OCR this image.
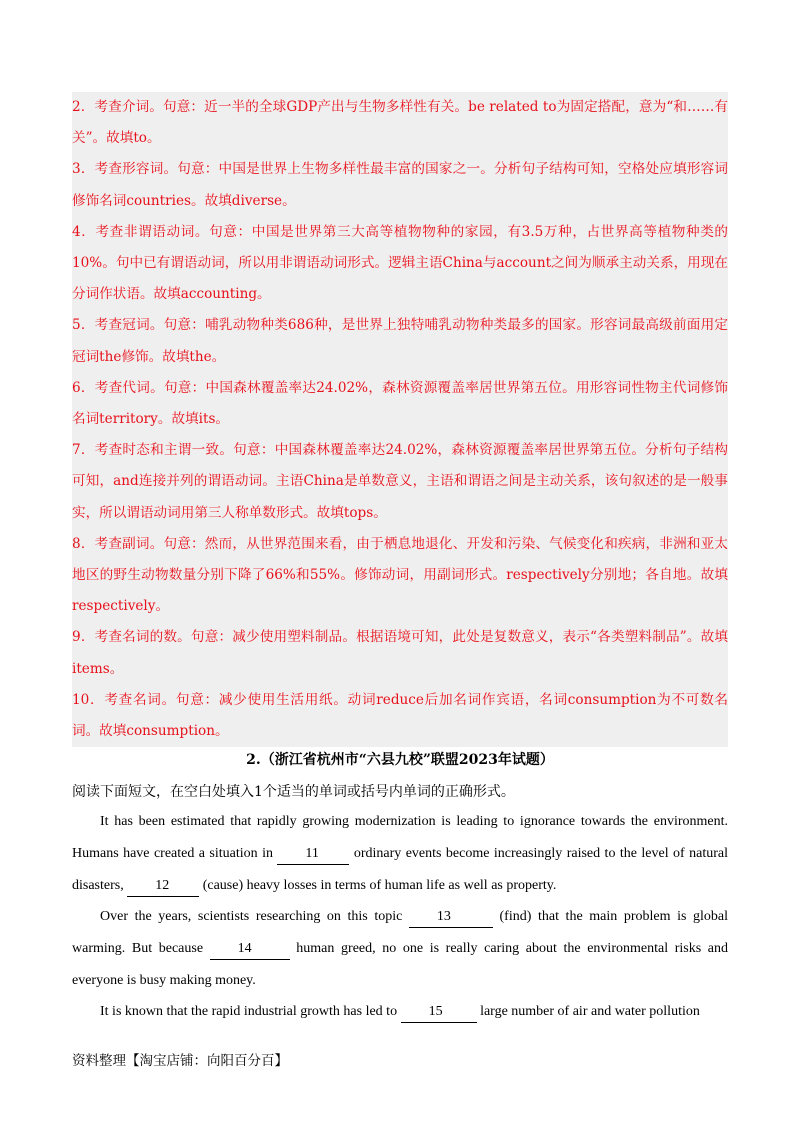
2．考查介词。句意：近一半的全球GDP产出与生物多样性有关。be related to为固定搭配，意为“和……有关”。故填to。

3．考查形容词。句意：中国是世界上生物多样性最丰富的国家之一。分析句子结构可知，空格处应填形容词修饰名词countries。故填diverse。

4．考查非谓语动词。句意：中国是世界第三大高等植物物种的家园，有3.5万种，占世界高等植物种类的10%。句中已有谓语动词，所以用非谓语动词形式。逻辑主语China与account之间为顺承主动关系，用现在分词作状语。故填accounting。

5．考查冠词。句意：哺乳动物种类686种，是世界上独特哺乳动物种类最多的国家。形容词最高级前面用定冠词the修饰。故填the。

6．考查代词。句意：中国森林覆盖率达24.02%，森林资源覆盖率居世界第五位。用形容词性物主代词修饰名词territory。故填its。

7．考查时态和主谓一致。句意：中国森林覆盖率达24.02%，森林资源覆盖率居世界第五位。分析句子结构可知，and连接并列的谓语动词。主语China是单数意义，主语和谓语之间是主动关系，该句叙述的是一般事实，所以谓语动词用第三人称单数形式。故填tops。

8．考查副词。句意：然而，从世界范围来看，由于栖息地退化、开发和污染、气候变化和疾病，非洲和亚太地区的野生动物数量分别下降了66%和55%。修饰动词，用副词形式。respectively分别地；各自地。故填respectively。

9．考查名词的数。句意：减少使用塑料制品。根据语境可知，此处是复数意义，表示“各类塑料制品”。故填items。

10．考查名词。句意：减少使用生活用纸。动词reduce后加名词作宾语，名词consumption为不可数名词。故填consumption。

2.（浙江省杭州市“六县九校”联盟2023年试题）
阅读下面短文，在空白处填入1个适当的单词或括号内单词的正确形式。

It has been estimated that rapidly growing modernization is leading to ignorance towards the environment. Humans have created a situation in 11 ordinary events become increasingly raised to the level of natural disasters, 12 (cause) heavy losses in terms of human life as well as property.

Over the years, scientists researching on this topic 13	(find) that the main problem is global warming. But because 14	human greed, no one is really caring about the environmental risks and everyone is busy making money.

It is known that the rapid industrial growth has led to 15 large number of air and water pollution

资料整理【淘宝店铺：向阳百分百】
